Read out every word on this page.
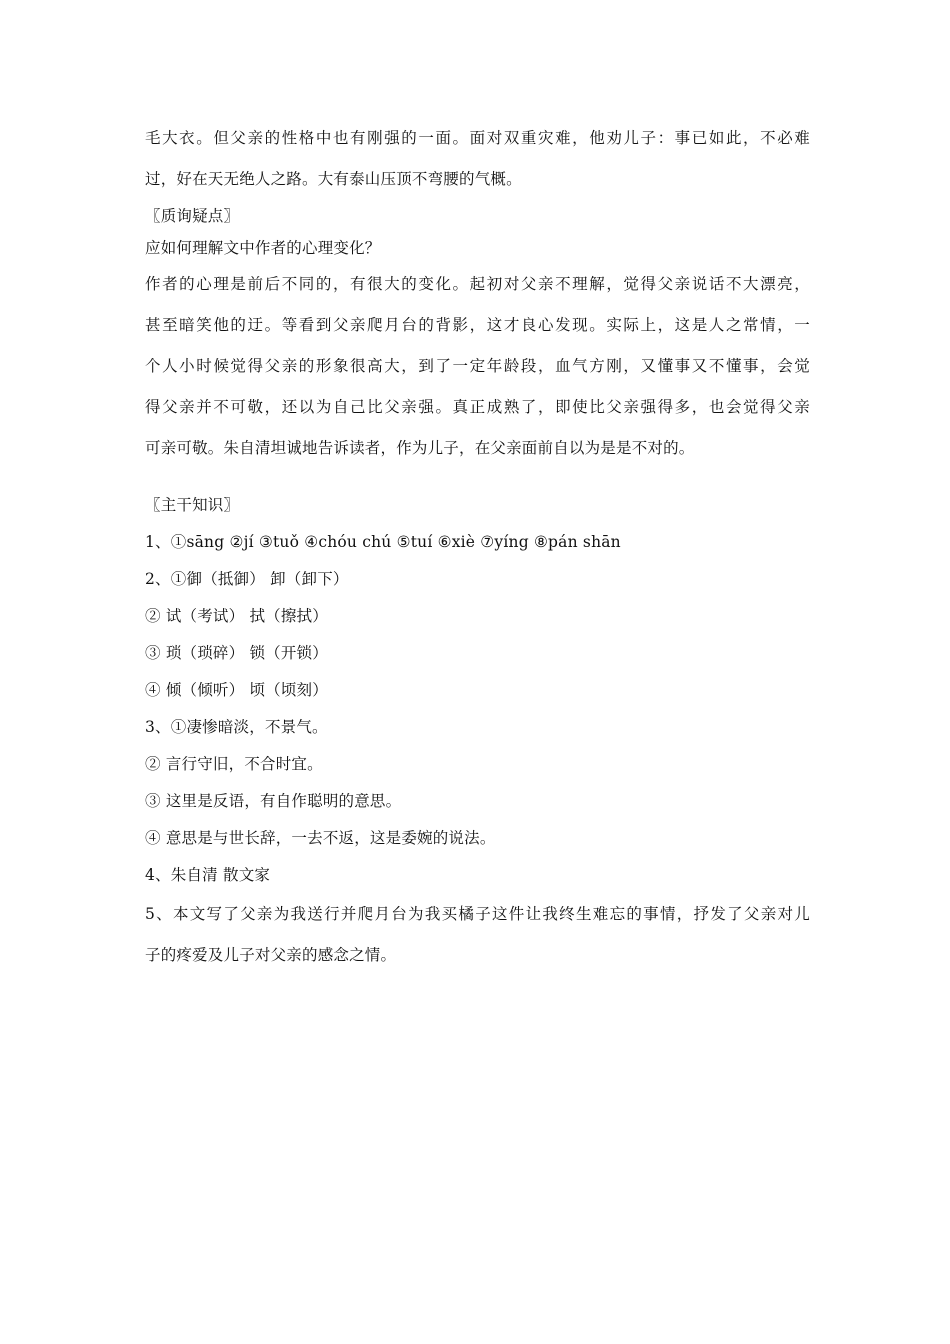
毛大衣。但父亲的性格中也有刚强的一面。面对双重灾难，他劝儿子：事已如此，不必难
过，好在天无绝人之路。大有泰山压顶不弯腰的气概。
〖质询疑点〗
应如何理解文中作者的心理变化？
作者的心理是前后不同的，有很大的变化。起初对父亲不理解，觉得父亲说话不大漂亮，
甚至暗笑他的迂。等看到父亲爬月台的背影，这才良心发现。实际上，这是人之常情，一
个人小时候觉得父亲的形象很高大，到了一定年龄段，血气方刚，又懂事又不懂事，会觉
得父亲并不可敬，还以为自己比父亲强。真正成熟了，即使比父亲强得多，也会觉得父亲
可亲可敬。朱自清坦诚地告诉读者，作为儿子，在父亲面前自以为是是不对的。
〖主干知识〗
1、①sāng ②jí ③tuǒ ④chóu chú ⑤tuí ⑥xiè ⑦yíng ⑧pán shān
2、①御（抵御） 卸（卸下）
② 试（考试） 拭（擦拭）
③ 琐（琐碎） 锁（开锁）
④ 倾（倾听） 顷（顷刻）
3、①凄惨暗淡，不景气。
② 言行守旧，不合时宜。
③ 这里是反语，有自作聪明的意思。
④ 意思是与世长辞，一去不返，这是委婉的说法。
4、朱自清 散文家
5、本文写了父亲为我送行并爬月台为我买橘子这件让我终生难忘的事情，抒发了父亲对儿
子的疼爱及儿子对父亲的感念之情。
